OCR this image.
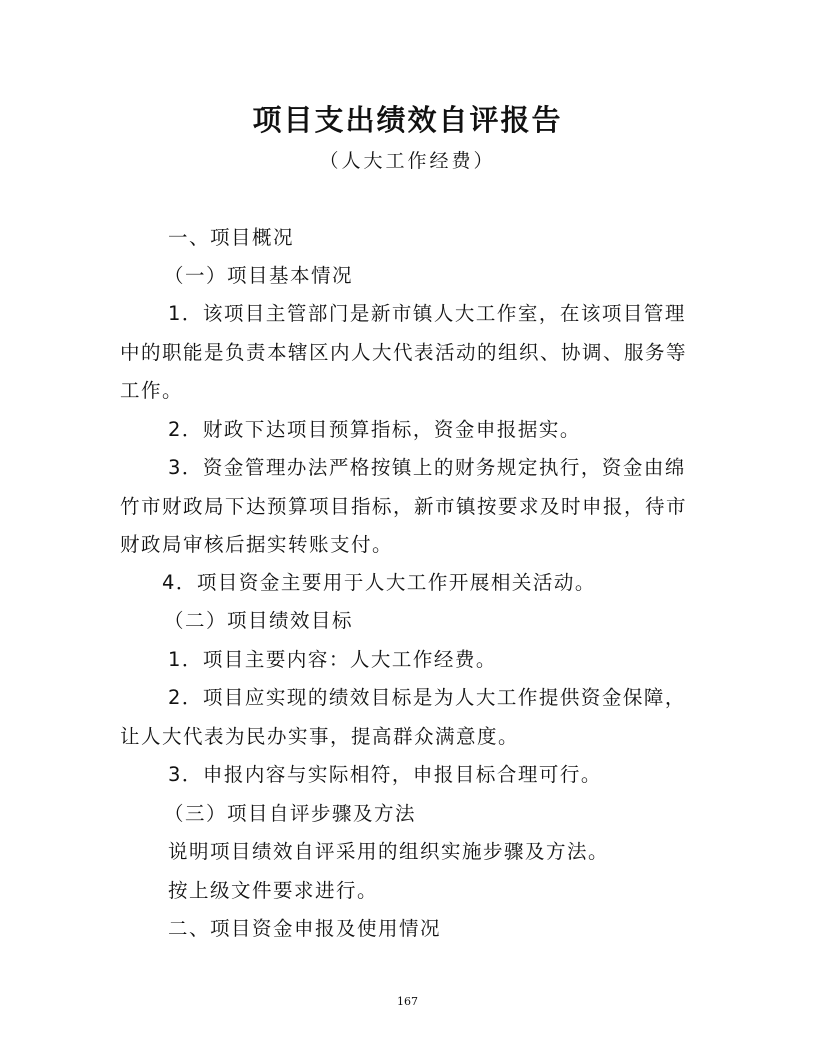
项目支出绩效自评报告
（人大工作经费）
一、项目概况
（一）项目基本情况
1．该项目主管部门是新市镇人大工作室，在该项目管理
中的职能是负责本辖区内人大代表活动的组织、协调、服务等
工作。
2．财政下达项目预算指标，资金申报据实。
3．资金管理办法严格按镇上的财务规定执行，资金由绵
竹市财政局下达预算项目指标，新市镇按要求及时申报，待市
财政局审核后据实转账支付。
4．项目资金主要用于人大工作开展相关活动。
（二）项目绩效目标
1．项目主要内容：人大工作经费。
2．项目应实现的绩效目标是为人大工作提供资金保障，
让人大代表为民办实事，提高群众满意度。
3．申报内容与实际相符，申报目标合理可行。
（三）项目自评步骤及方法
说明项目绩效自评采用的组织实施步骤及方法。
按上级文件要求进行。
二、项目资金申报及使用情况
167
